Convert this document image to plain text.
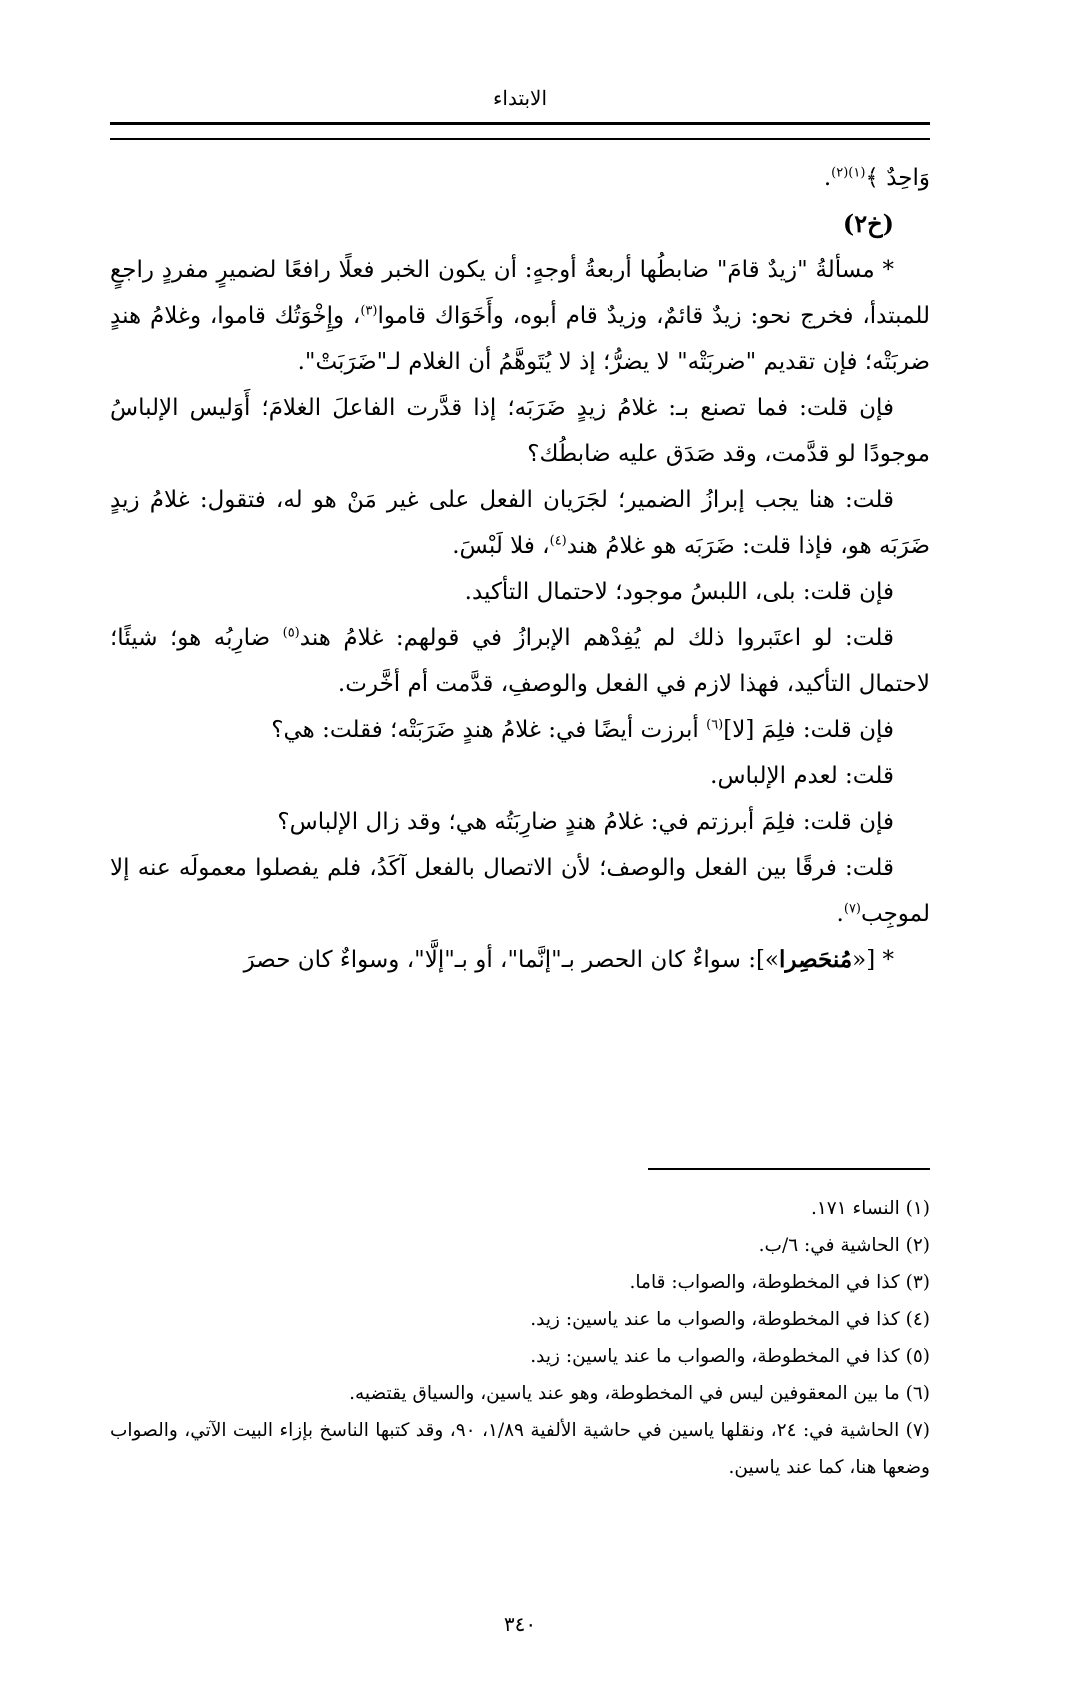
الابتداء

وَاحِدٌ ﴾$^{(١)(٢)}$.

(خ٢)

* مسألةُ "زيدٌ قامَ" ضابطُها أربعةُ أوجهٍ: أن يكون الخبر فعلًا رافعًا لضميرٍ مفردٍ راجعٍ للمبتدأ، فخرج نحو: زيدٌ قائمٌ، وزيدٌ قام أبوه، وأَخَوَاك قاموا$^{(٣)}$، وإِخْوَتُك قاموا، وغلامُ هندٍ ضربَتْه؛ فإن تقديم "ضربَتْه" لا يضرُّ؛ إذ لا يُتَوهَّمُ أن الغلام لـ"ضَرَبَتْ".

فإن قلت: فما تصنع بـ: غلامُ زيدٍ ضَرَبَه؛ إذا قدَّرت الفاعلَ الغلامَ؛ أَوَليس الإلباسُ موجودًا لو قدَّمت، وقد صَدَق عليه ضابطُك؟

قلت: هنا يجب إبرازُ الضمير؛ لجَرَيان الفعل على غير مَنْ هو له، فتقول: غلامُ زيدٍ ضَرَبَه هو، فإذا قلت: ضَرَبَه هو غلامُ هند$^{(٤)}$، فلا لَبْسَ.

فإن قلت: بلى، اللبسُ موجود؛ لاحتمال التأكيد.

قلت: لو اعتَبروا ذلك لم يُفِدْهم الإبرازُ في قولهم: غلامُ هند$^{(٥)}$ ضارِبُه هو؛ شيئًا؛ لاحتمال التأكيد، فهذا لازم في الفعل والوصفِ، قدَّمت أم أخَّرت.

فإن قلت: فلِمَ [لا]$^{(٦)}$ أبرزت أيضًا في: غلامُ هندٍ ضَرَبَتْه؛ فقلت: هي؟

قلت: لعدم الإلباس.

فإن قلت: فلِمَ أبرزتم في: غلامُ هندٍ ضارِبَتُه هي؛ وقد زال الإلباس؟

قلت: فرقًا بين الفعل والوصف؛ لأن الاتصال بالفعل آكَدُ، فلم يفصلوا معمولَه عنه إلا لموجِب$^{(٧)}$.

* [«مُنحَصِرا»]: سواءٌ كان الحصر بـ"إنَّما"، أو بـ"إلَّا"، وسواءٌ كان حصرَ

(١) النساء ١٧١.

(٢) الحاشية في: ٦/ب.

(٣) كذا في المخطوطة، والصواب: قاما.

(٤) كذا في المخطوطة، والصواب ما عند ياسين: زيد.

(٥) كذا في المخطوطة، والصواب ما عند ياسين: زيد.

(٦) ما بين المعقوفين ليس في المخطوطة، وهو عند ياسين، والسياق يقتضيه.

(٧) الحاشية في: ٢٤، ونقلها ياسين في حاشية الألفية ١/٨٩، ٩٠، وقد كتبها الناسخ بإزاء البيت الآتي، والصواب وضعها هنا، كما عند ياسين.

٣٤٠
